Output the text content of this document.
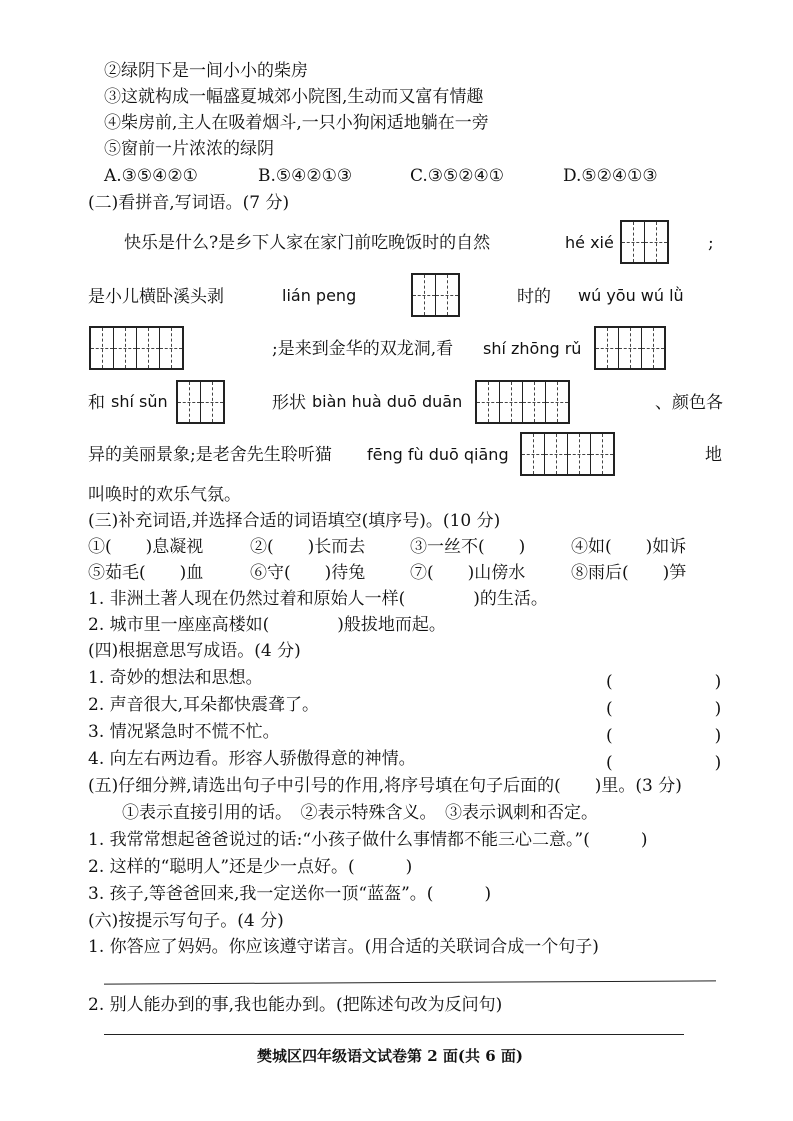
②绿阴下是一间小小的柴房
③这就构成一幅盛夏城郊小院图,生动而又富有情趣
④柴房前,主人在吸着烟斗,一只小狗闲适地躺在一旁
⑤窗前一片浓浓的绿阴
A.③⑤④②①	B.⑤④②①③	C.③⑤②④①	D.⑤②④①③
(二)看拼音,写词语。(7 分)
快乐是什么?是乡下人家在家门前吃晚饭时的自然	hé xié	;
是小儿横卧溪头剥	lián peng	时的 wú yōu wú lǜ
;是来到金华的双龙洞,看 shí zhōng rǔ
和 shí sǔn	形状 biàn huà duō duān	、颜色各
异的美丽景象;是老舍先生聆听猫 fēng fù duō qiāng	地
叫唤时的欢乐气氛。
(三)补充词语,并选择合适的词语填空(填序号)。(10 分)
①(　　)息凝视	②(　　)长而去	③一丝不(　　)	④如(　　)如诉
⑤茹毛(　　)血	⑥守(　　)待兔	⑦(　　)山傍水	⑧雨后(　　)笋
1. 非洲土著人现在仍然过着和原始人一样(　　　　)的生活。
2. 城市里一座座高楼如(　　　　)般拔地而起。
(四)根据意思写成语。(4 分)
1. 奇妙的想法和思想。	(　　　　　　)
2. 声音很大,耳朵都快震聋了。	(　　　　　　)
3. 情况紧急时不慌不忙。	(　　　　　　)
4. 向左右两边看。形容人骄傲得意的神情。	(　　　　　　)
(五)仔细分辨,请选出句子中引号的作用,将序号填在句子后面的(　　)里。(3 分)
①表示直接引用的话。　②表示特殊含义。　③表示讽刺和否定。
1. 我常常想起爸爸说过的话:“小孩子做什么事情都不能三心二意。”(　　　)
2. 这样的“聪明人”还是少一点好。(　　　)
3. 孩子,等爸爸回来,我一定送你一顶“蓝盔”。(　　　)
(六)按提示写句子。(4 分)
1. 你答应了妈妈。你应该遵守诺言。(用合适的关联词合成一个句子)
2. 别人能办到的事,我也能办到。(把陈述句改为反问句)
樊城区四年级语文试卷第 2 面(共 6 面)
